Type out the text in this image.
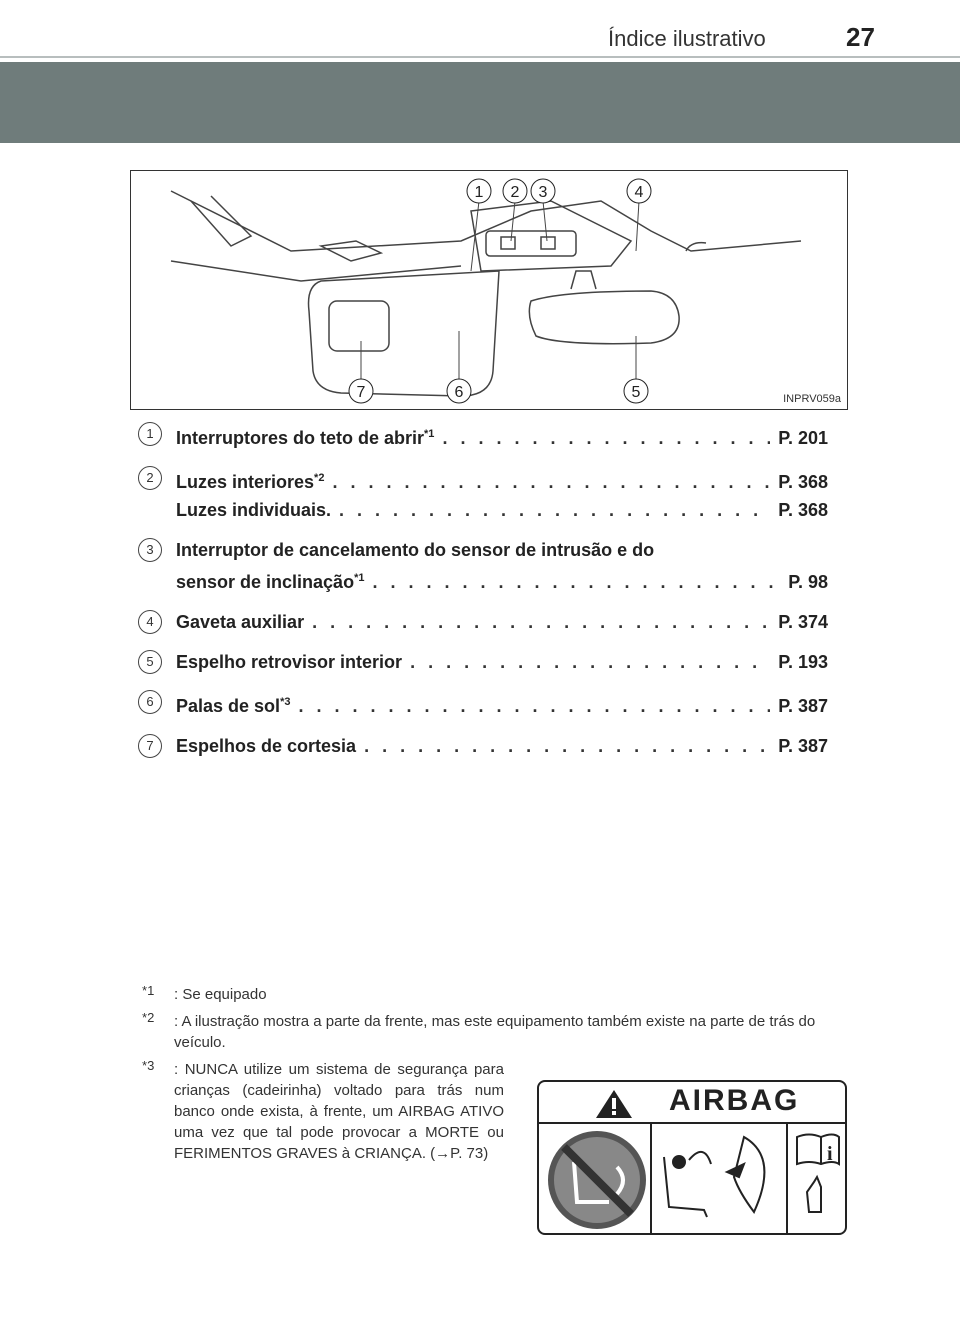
Índice ilustrativo	27
1 2 3	4
5
6
7	INPRV059a
1	Interruptores do teto de abrir$^{*1}$ . . .	P. 201
2	Luzes interiores$^{*2}$ . . .	P. 368
Luzes individuais. . . .	P. 368
3	Interruptor de cancelamento do sensor de intrusão e do
sensor de inclinação$^{*1}$ . . .	P. 98
4	Gaveta auxiliar . . .	P. 374
5	Espelho retrovisor interior . . .	P. 193
6	Palas de sol$^{*3}$ . . .	P. 387
7	Espelhos de cortesia . . .	P. 387
$^{*1}$ : Se equipado
$^{*2}$ : A ilustração mostra a parte da frente, mas este equipamento também existe na parte de trás do veículo.
$^{*3}$ : NUNCA utilize um sistema de segurança para crianças (cadeirinha) voltado para trás num banco onde exista, à frente, um AIRBAG ATIVO uma vez que tal pode provocar a MORTE ou FERIMENTOS GRAVES à CRIANÇA. (→P. 73)
AIRBAG
i
